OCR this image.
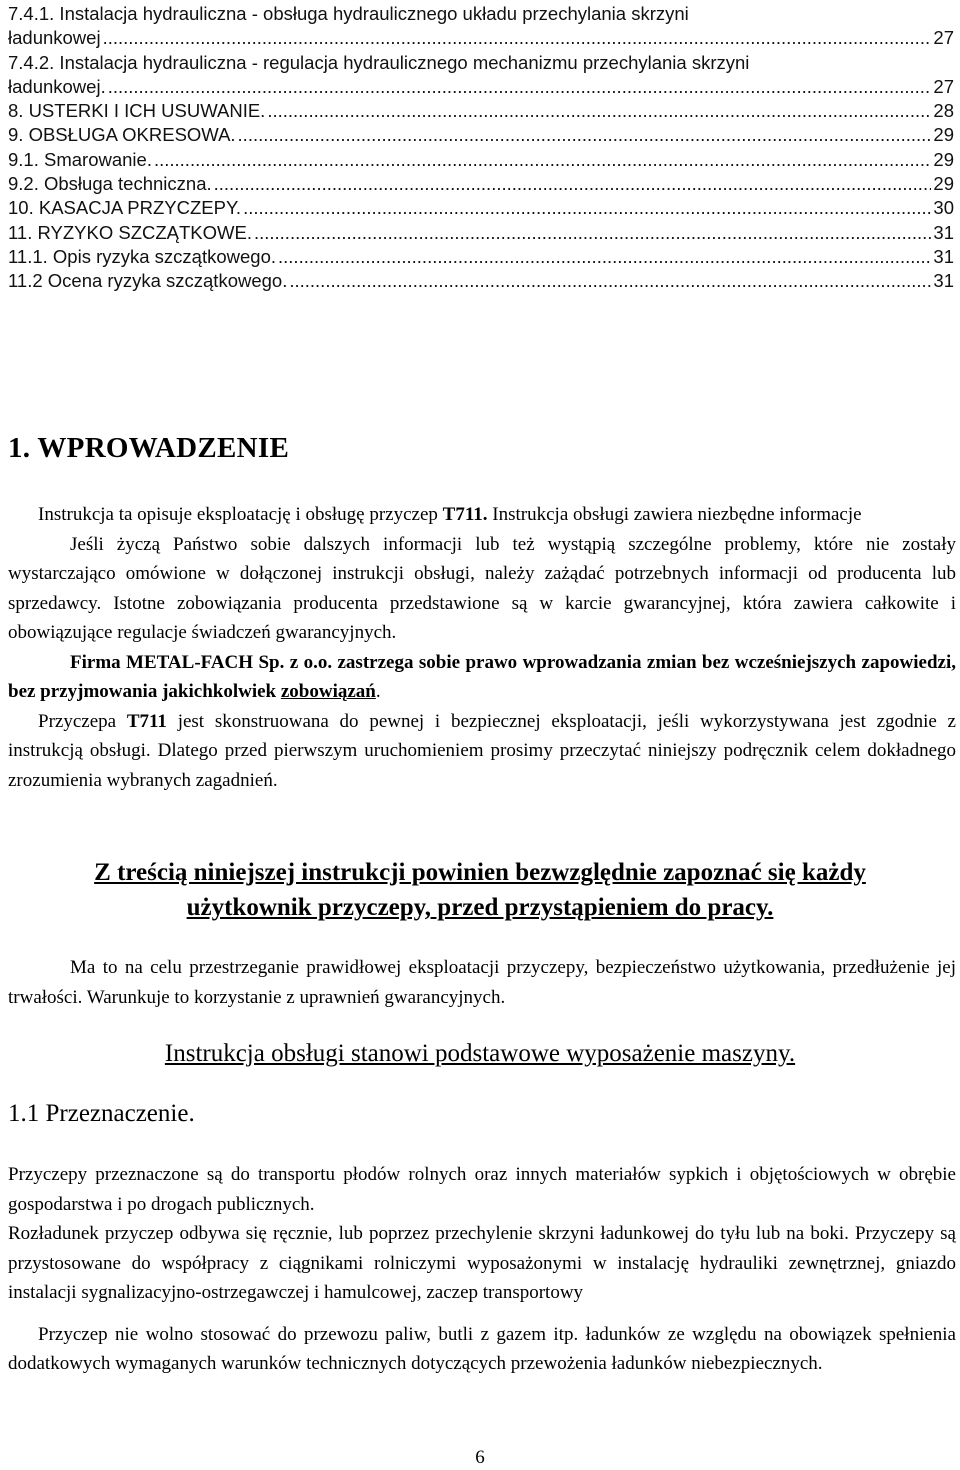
7.4.1. Instalacja hydrauliczna - obsługa hydraulicznego układu przechylania skrzyni
ładunkowej .....	27
7.4.2. Instalacja hydrauliczna - regulacja hydraulicznego mechanizmu przechylania skrzyni
ładunkowej. .....	27
8. USTERKI I ICH USUWANIE. .....	28
9. OBSŁUGA OKRESOWA. .....	29
9.1. Smarowanie. .....	29
9.2. Obsługa techniczna. .....	29
10. KASACJA PRZYCZEPY. .....	30
11. RYZYKO SZCZĄTKOWE. .....	31
11.1. Opis ryzyka szczątkowego. .....	31
11.2 Ocena ryzyka szczątkowego. .....	31
1. WPROWADZENIE

Instrukcja ta opisuje eksploatację i obsługę przyczep T711. Instrukcja obsługi zawiera niezbędne informacje

Jeśli życzą Państwo sobie dalszych informacji lub też wystąpią szczególne problemy, które nie zostały wystarczająco omówione w dołączonej instrukcji obsługi, należy zażądać potrzebnych informacji od producenta lub sprzedawcy. Istotne zobowiązania producenta przedstawione są w karcie gwarancyjnej, która zawiera całkowite i obowiązujące regulacje świadczeń gwarancyjnych.

Firma METAL-FACH Sp. z o.o. zastrzega sobie prawo wprowadzania zmian bez wcześniejszych zapowiedzi, bez przyjmowania jakichkolwiek zobowiązań.

Przyczepa T711 jest skonstruowana do pewnej i bezpiecznej eksploatacji, jeśli wykorzystywana jest zgodnie z instrukcją obsługi. Dlatego przed pierwszym uruchomieniem prosimy przeczytać niniejszy podręcznik celem dokładnego zrozumienia wybranych zagadnień.

Z treścią niniejszej instrukcji powinien bezwzględnie zapoznać się każdy
użytkownik przyczepy, przed przystąpieniem do pracy.

Ma to na celu przestrzeganie prawidłowej eksploatacji przyczepy, bezpieczeństwo użytkowania, przedłużenie jej trwałości. Warunkuje to korzystanie z uprawnień gwarancyjnych.

Instrukcja obsługi stanowi podstawowe wyposażenie maszyny.
1.1 Przeznaczenie.

Przyczepy przeznaczone są do transportu płodów rolnych oraz innych materiałów sypkich i objętościowych w obrębie gospodarstwa i po drogach publicznych.

Rozładunek przyczep odbywa się ręcznie, lub poprzez przechylenie skrzyni ładunkowej do tyłu lub na boki. Przyczepy są przystosowane do współpracy z ciągnikami rolniczymi wyposażonymi w instalację hydrauliki zewnętrznej, gniazdo instalacji sygnalizacyjno-ostrzegawczej i hamulcowej, zaczep transportowy

Przyczep nie wolno stosować do przewozu paliw, butli z gazem itp. ładunków ze względu na obowiązek spełnienia dodatkowych wymaganych warunków technicznych dotyczących przewożenia ładunków niebezpiecznych.

6
